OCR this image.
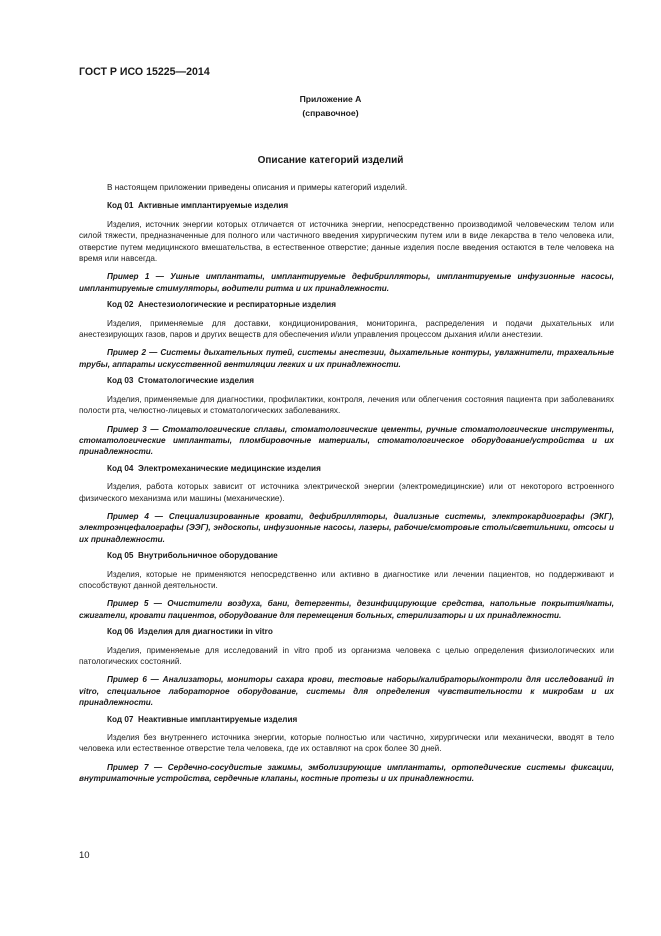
ГОСТ Р ИСО 15225—2014
Приложение А
(справочное)
Описание категорий изделий

В настоящем приложении приведены описания и примеры категорий изделий.

Код 01 Активные имплантируемые изделия

Изделия, источник энергии которых отличается от источника энергии, непосредственно производимой человеческим телом или силой тяжести, предназначенные для полного или частичного введения хирургическим путем или в виде лекарства в тело человека или, отверстие путем медицинского вмешательства, в естественное отверстие; данные изделия после введения остаются в теле человека на время или навсегда.

Пример 1 — Ушные имплантаты, имплантируемые дефибрилляторы, имплантируемые инфузионные насосы, имплантируемые стимуляторы, водители ритма и их принадлежности.

Код 02 Анестезиологические и респираторные изделия

Изделия, применяемые для доставки, кондиционирования, мониторинга, распределения и подачи дыхательных или анестезирующих газов, паров и других веществ для обеспечения и/или управления процессом дыхания и/или анестезии.

Пример 2 — Системы дыхательных путей, системы анестезии, дыхательные контуры, увлажнители, трахеальные трубы, аппараты искусственной вентиляции легких и их принадлежности.

Код 03 Стоматологические изделия

Изделия, применяемые для диагностики, профилактики, контроля, лечения или облегчения состояния пациента при заболеваниях полости рта, челюстно-лицевых и стоматологических заболеваниях.

Пример 3 — Стоматологические сплавы, стоматологические цементы, ручные стоматологические инструменты, стоматологические имплантаты, пломбировочные материалы, стоматологическое оборудование/устройства и их принадлежности.

Код 04 Электромеханические медицинские изделия

Изделия, работа которых зависит от источника электрической энергии (электромедицинские) или от некоторого встроенного физического механизма или машины (механические).

Пример 4 — Специализированные кровати, дефибрилляторы, диализные системы, электрокардиографы (ЭКГ), электроэнцефалографы (ЭЭГ), эндоскопы, инфузионные насосы, лазеры, рабочие/смотровые столы/светильники, отсосы и их принадлежности.

Код 05 Внутрибольничное оборудование

Изделия, которые не применяются непосредственно или активно в диагностике или лечении пациентов, но поддерживают и способствуют данной деятельности.

Пример 5 — Очистители воздуха, бани, детергенты, дезинфицирующие средства, напольные покрытия/маты, сжигатели, кровати пациентов, оборудование для перемещения больных, стерилизаторы и их принадлежности.

Код 06 Изделия для диагностики in vitro

Изделия, применяемые для исследований in vitro проб из организма человека с целью определения физиологических или патологических состояний.

Пример 6 — Анализаторы, мониторы сахара крови, тестовые наборы/калибраторы/контроли для исследований in vitro, специальное лабораторное оборудование, системы для определения чувствительности к микробам и их принадлежности.

Код 07 Неактивные имплантируемые изделия

Изделия без внутреннего источника энергии, которые полностью или частично, хирургически или механически, вводят в тело человека или естественное отверстие тела человека, где их оставляют на срок более 30 дней.

Пример 7 — Сердечно-сосудистые зажимы, эмболизирующие имплантаты, ортопедические системы фиксации, внутриматочные устройства, сердечные клапаны, костные протезы и их принадлежности.

10
